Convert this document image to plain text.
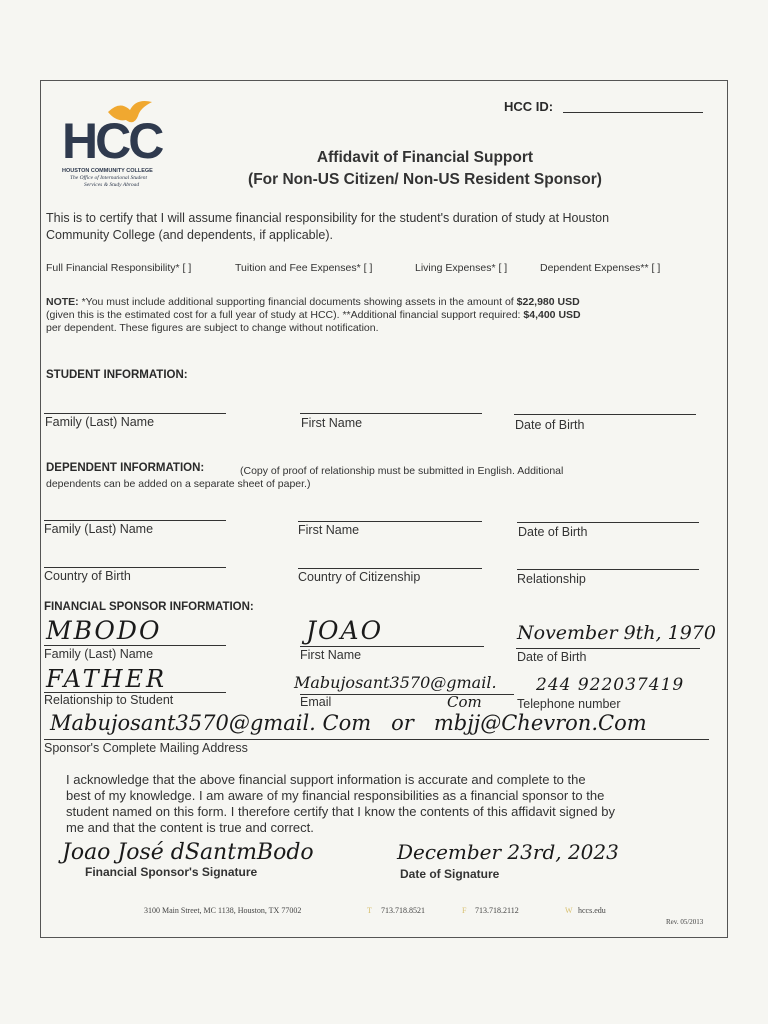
HCC ID:
HCC
HOUSTON COMMUNITY COLLEGE
The Office of International Student
Services & Study Abroad
Affidavit of Financial Support
(For Non-US Citizen/ Non-US Resident Sponsor)
This is to certify that I will assume financial responsibility for the student's duration of study at Houston
Community College (and dependents, if applicable).
Full Financial Responsibility* [ ]	Tuition and Fee Expenses* [ ]	Living Expenses* [ ]	Dependent Expenses** [ ]
NOTE: *You must include additional supporting financial documents showing assets in the amount of $22,980 USD
(given this is the estimated cost for a full year of study at HCC). **Additional financial support required: $4,400 USD
per dependent. These figures are subject to change without notification.
STUDENT INFORMATION:
Family (Last) Name	First Name	Date of Birth
DEPENDENT INFORMATION:	(Copy of proof of relationship must be submitted in English. Additional
dependents can be added on a separate sheet of paper.)
Family (Last) Name	First Name	Date of Birth
Country of Birth	Country of Citizenship	Relationship
FINANCIAL SPONSOR INFORMATION:
MBODO
Family (Last) Name
JOAO
First Name
November 9th, 1970
Date of Birth
FATHER
Relationship to Student
Mabujosant3570@gmail.
Com
Email
244 922037419
Telephone number
Mabujosant3570@gmail. Com   or   mbjj@Chevron.Com
Sponsor's Complete Mailing Address
I acknowledge that the above financial support information is accurate and complete to the
best of my knowledge. I am aware of my financial responsibilities as a financial sponsor to the
student named on this form. I therefore certify that I know the contents of this affidavit signed by
me and that the content is true and correct.
Joao José dSantmBodo
Financial Sponsor's Signature
December 23rd, 2023
Date of Signature
3100 Main Street, MC 1138, Houston, TX 77002	T 713.718.8521	F 713.718.2112	W hccs.edu
Rev. 05/2013
